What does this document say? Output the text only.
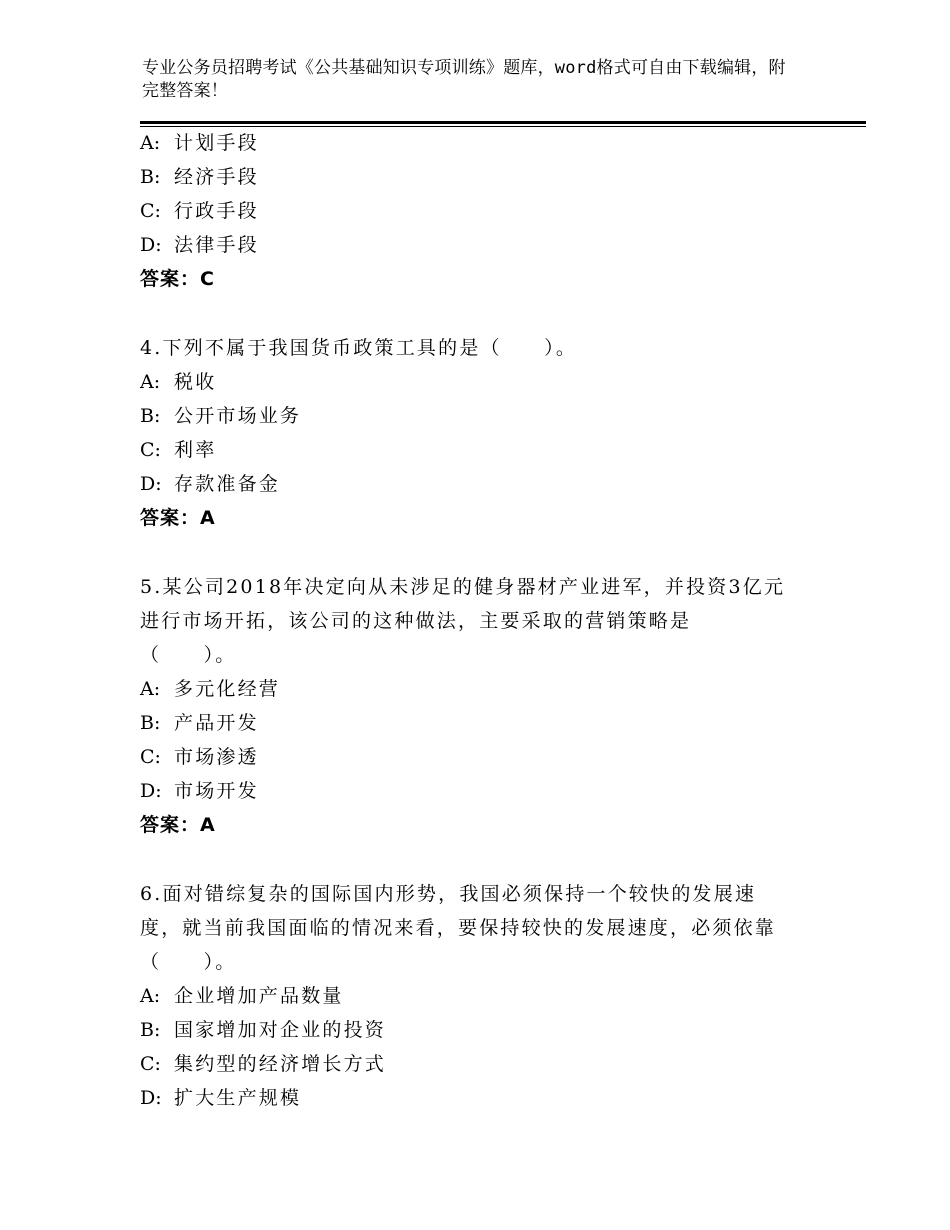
专业公务员招聘考试《公共基础知识专项训练》题库，word格式可自由下载编辑，附完整答案！
A: 计划手段
B: 经济手段
C: 行政手段
D: 法律手段
答案：C
4.下列不属于我国货币政策工具的是（　　）。
A: 税收
B: 公开市场业务
C: 利率
D: 存款准备金
答案：A
5.某公司2018年决定向从未涉足的健身器材产业进军，并投资3亿元
进行市场开拓，该公司的这种做法，主要采取的营销策略是
（　　）。
A: 多元化经营
B: 产品开发
C: 市场渗透
D: 市场开发
答案：A
6.面对错综复杂的国际国内形势，我国必须保持一个较快的发展速
度，就当前我国面临的情况来看，要保持较快的发展速度，必须依靠
（　　）。
A: 企业增加产品数量
B: 国家增加对企业的投资
C: 集约型的经济增长方式
D: 扩大生产规模
